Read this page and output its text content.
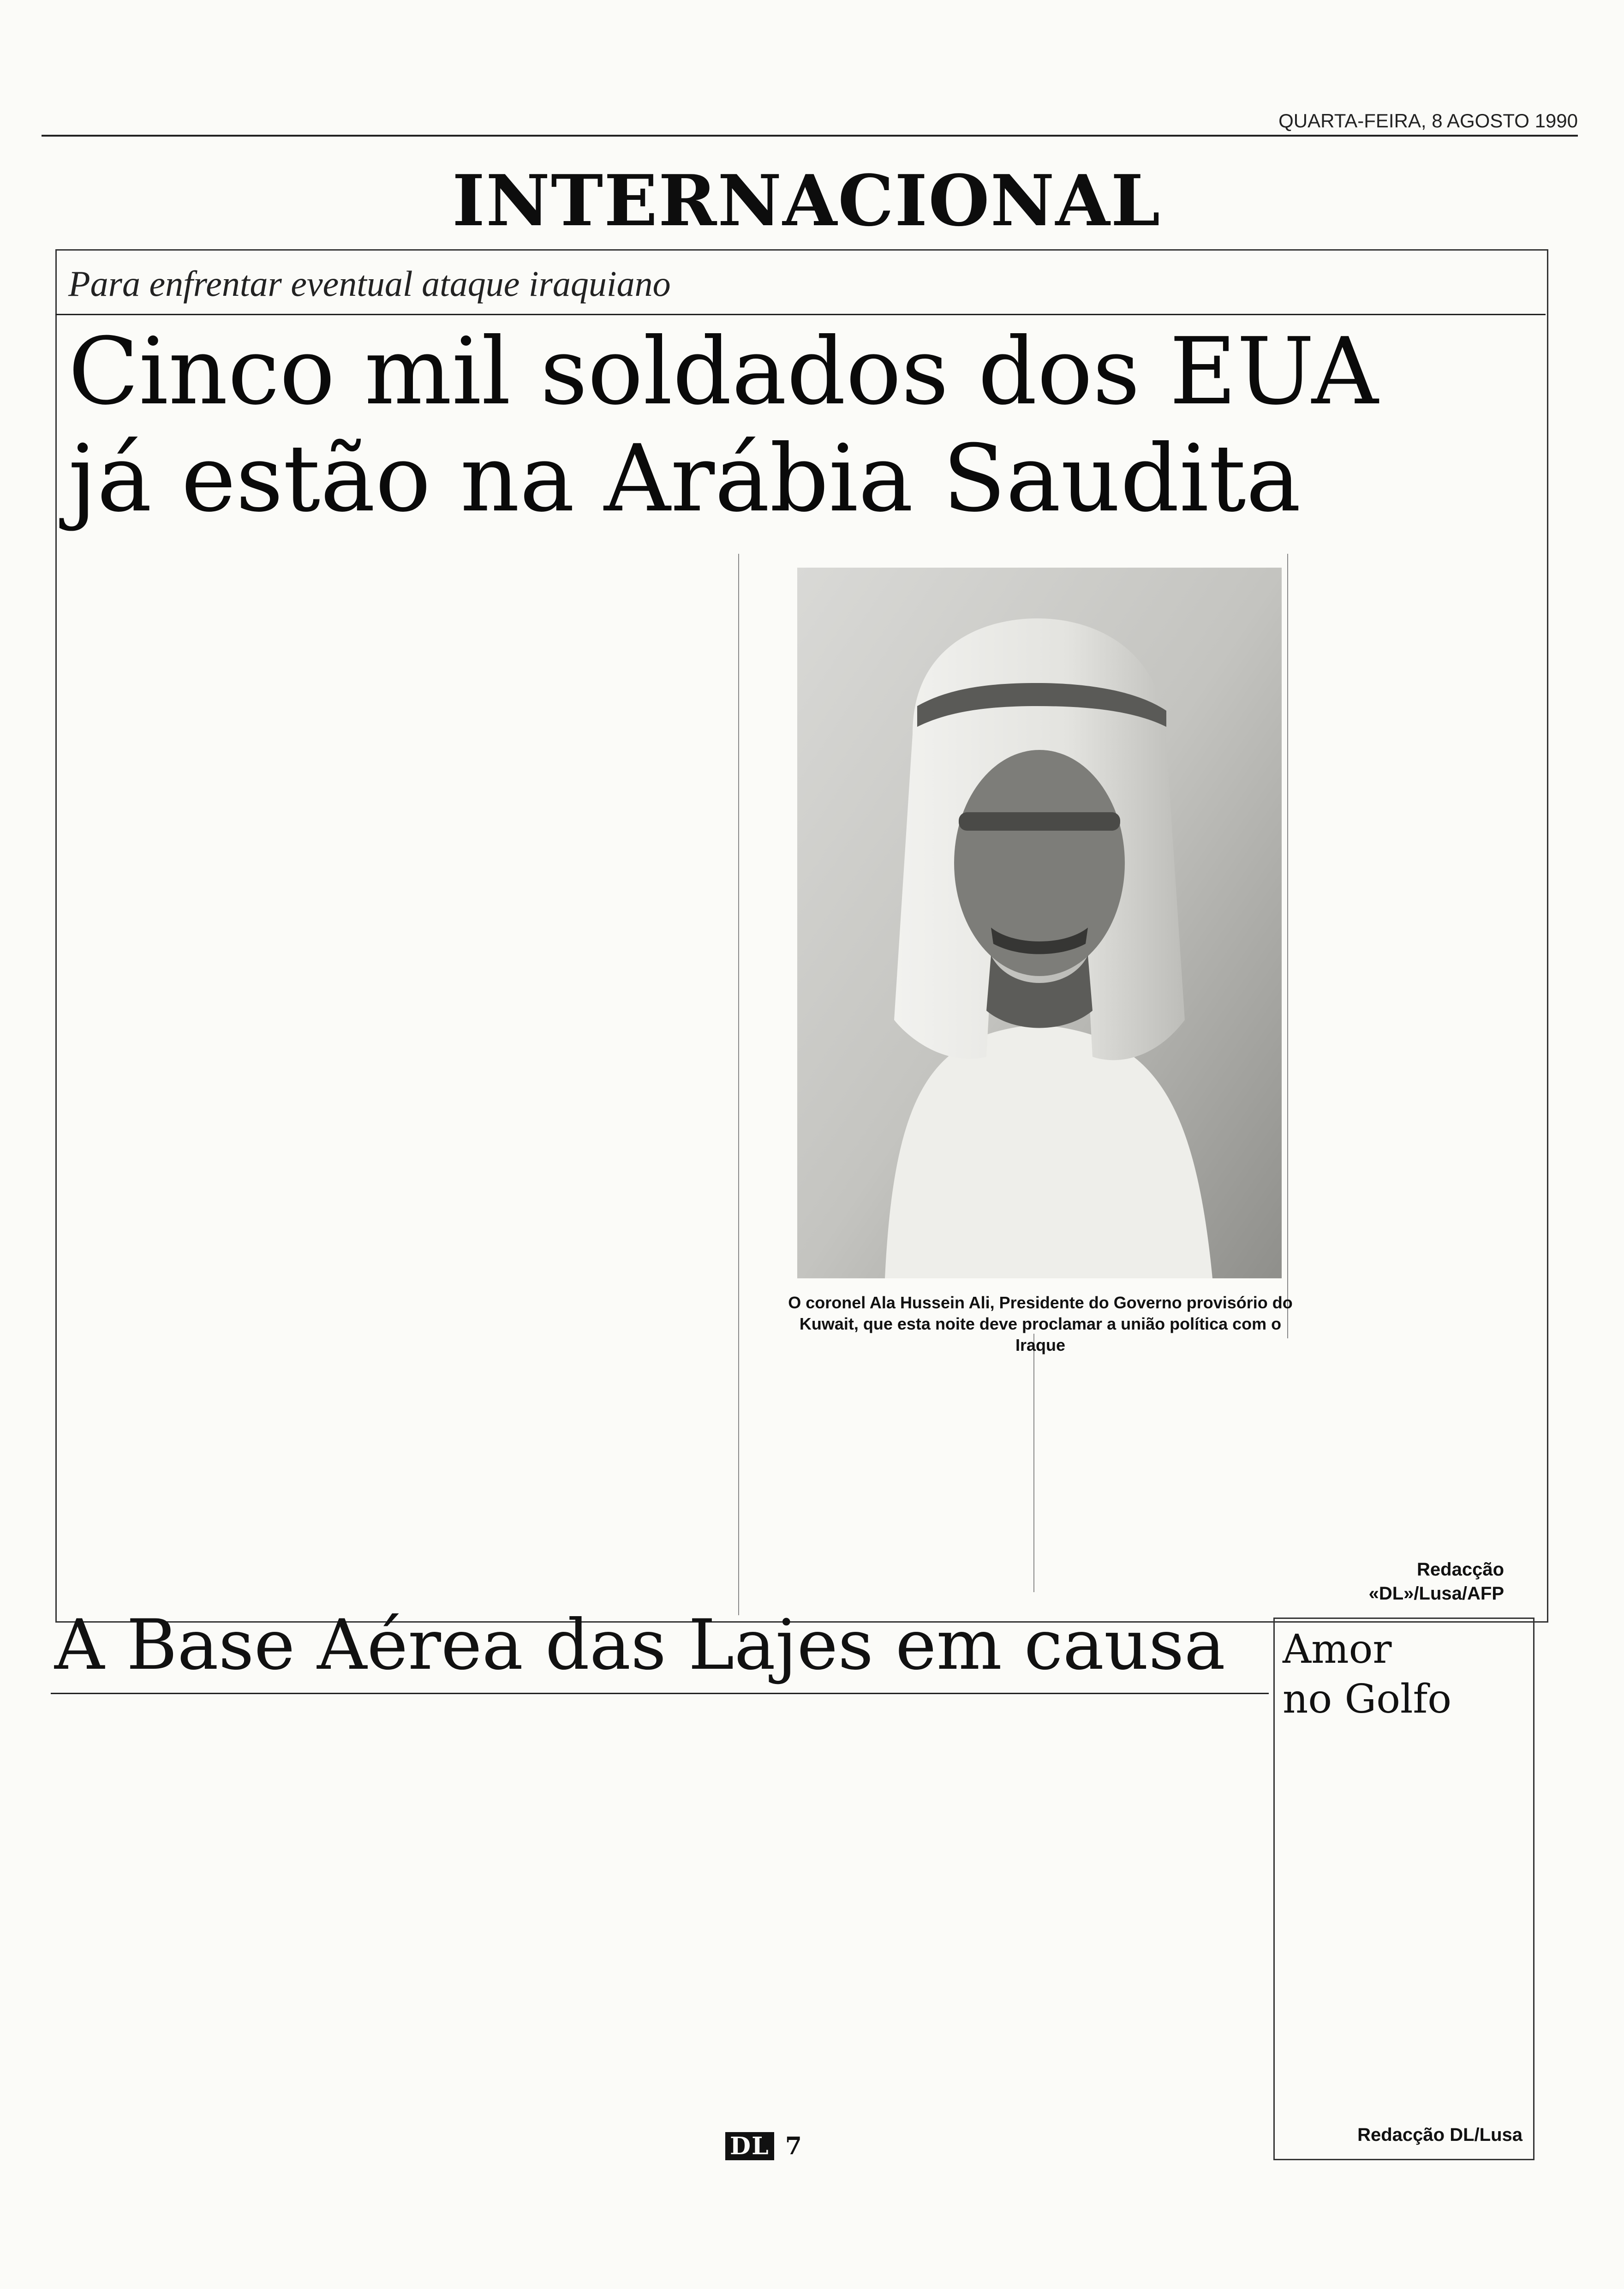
QUARTA-FEIRA, 8 AGOSTO 1990
INTERNACIONAL
Para enfrentar eventual ataque iraquiano
Cinco mil soldados dos EUA
já estão na Arábia Saudita
O coronel Ala Hussein Ali, Presidente do Governo provisório do Kuwait, que esta noite deve proclamar a união política com o Iraque
Redacção
«DL»/Lusa/AFP
A Base Aérea das Lajes em causa	Amor
no Golfo
Redacção DL/Lusa
DL 7
